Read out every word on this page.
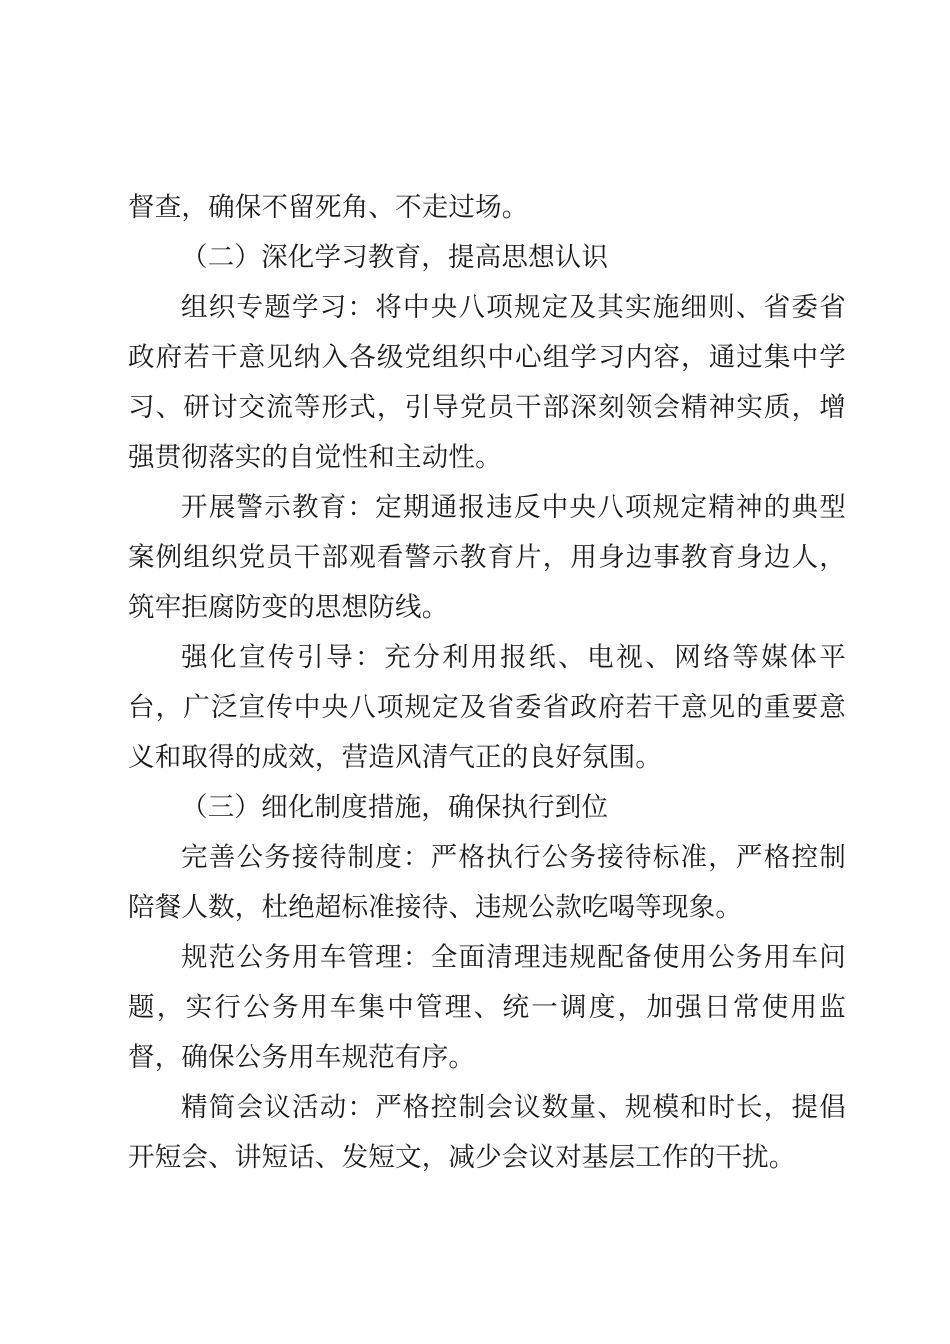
督查，确保不留死角、不走过场。

（二）深化学习教育，提高思想认识

组织专题学习：将中央八项规定及其实施细则、省委省政府若干意见纳入各级党组织中心组学习内容，通过集中学习、研讨交流等形式，引导党员干部深刻领会精神实质，增强贯彻落实的自觉性和主动性。

开展警示教育：定期通报违反中央八项规定精神的典型案例组织党员干部观看警示教育片，用身边事教育身边人，筑牢拒腐防变的思想防线。

强化宣传引导：充分利用报纸、电视、网络等媒体平台，广泛宣传中央八项规定及省委省政府若干意见的重要意义和取得的成效，营造风清气正的良好氛围。

（三）细化制度措施，确保执行到位

完善公务接待制度：严格执行公务接待标准，严格控制陪餐人数，杜绝超标准接待、违规公款吃喝等现象。

规范公务用车管理：全面清理违规配备使用公务用车问题，实行公务用车集中管理、统一调度，加强日常使用监督，确保公务用车规范有序。

精简会议活动：严格控制会议数量、规模和时长，提倡开短会、讲短话、发短文，减少会议对基层工作的干扰。
